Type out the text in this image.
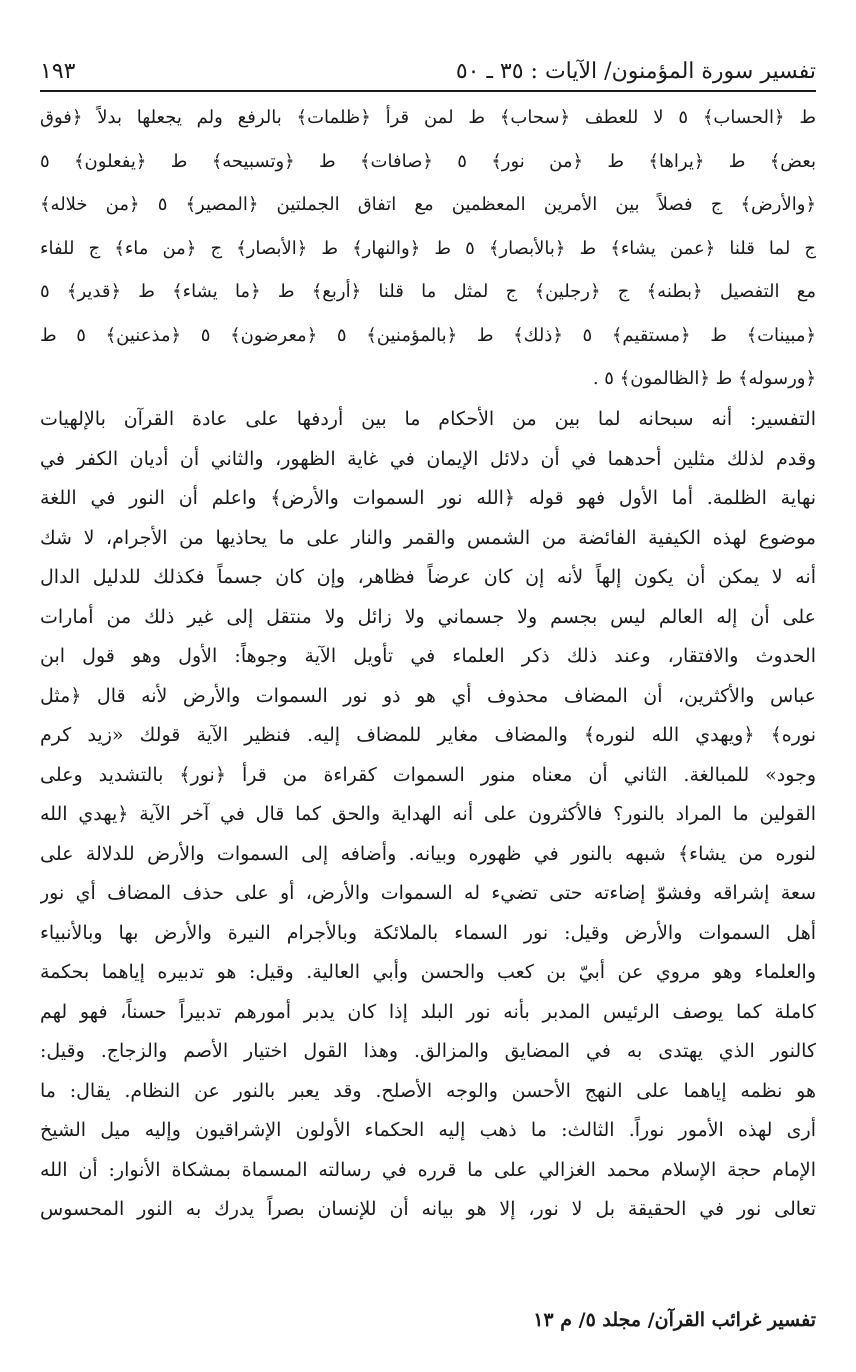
تفسير سورة المؤمنون/ الآيات : ٣٥ ـ ٥٠
١٩٣
ط ﴿الحساب﴾ ٥ لا للعطف ﴿سحاب﴾ ط لمن قرأ ﴿ظلمات﴾ بالرفع ولم يجعلها بدلاً ﴿فوق
بعض﴾ ط ﴿يراها﴾ ط ﴿من نور﴾ ٥ ﴿صافات﴾ ط ﴿وتسبيحه﴾ ط ﴿يفعلون﴾ ٥
﴿والأرض﴾ ج فصلاً بين الأمرين المعظمين مع اتفاق الجملتين ﴿المصير﴾ ٥ ﴿من خلاله﴾
ج لما قلنا ﴿عمن يشاء﴾ ط ﴿بالأبصار﴾ ٥ ط ﴿والنهار﴾ ط ﴿الأبصار﴾ ج ﴿من ماء﴾ ج للفاء
مع التفصيل ﴿بطنه﴾ ج ﴿رجلين﴾ ج لمثل ما قلنا ﴿أربع﴾ ط ﴿ما يشاء﴾ ط ﴿قدير﴾ ٥
﴿مبينات﴾ ط ﴿مستقيم﴾ ٥ ﴿ذلك﴾ ط ﴿بالمؤمنين﴾ ٥ ﴿معرضون﴾ ٥ ﴿مذعنين﴾ ٥ ط
﴿ورسوله﴾ ط ﴿الظالمون﴾ ٥ .
التفسير: أنه سبحانه لما بين من الأحكام ما بين أردفها على عادة القرآن بالإلهيات
وقدم لذلك مثلين أحدهما في أن دلائل الإيمان في غاية الظهور، والثاني أن أديان الكفر في
نهاية الظلمة. أما الأول فهو قوله ﴿الله نور السموات والأرض﴾ واعلم أن النور في اللغة
موضوع لهذه الكيفية الفائضة من الشمس والقمر والنار على ما يحاذيها من الأجرام، لا شك
أنه لا يمكن أن يكون إلهاً لأنه إن كان عرضاً فظاهر، وإن كان جسماً فكذلك للدليل الدال
على أن إله العالم ليس بجسم ولا جسماني ولا زائل ولا منتقل إلى غير ذلك من أمارات
الحدوث والافتقار، وعند ذلك ذكر العلماء في تأويل الآية وجوهاً: الأول وهو قول ابن
عباس والأكثرين، أن المضاف محذوف أي هو ذو نور السموات والأرض لأنه قال ﴿مثل
نوره﴾ ﴿ويهدي الله لنوره﴾ والمضاف مغاير للمضاف إليه. فنظير الآية قولك «زيد كرم
وجود» للمبالغة. الثاني أن معناه منور السموات كقراءة من قرأ ﴿نور﴾ بالتشديد وعلى
القولين ما المراد بالنور؟ فالأكثرون على أنه الهداية والحق كما قال في آخر الآية ﴿يهدي الله
لنوره من يشاء﴾ شبهه بالنور في ظهوره وبيانه. وأضافه إلى السموات والأرض للدلالة على
سعة إشراقه وفشوّ إضاءته حتى تضيء له السموات والأرض، أو على حذف المضاف أي نور
أهل السموات والأرض وقيل: نور السماء بالملائكة وبالأجرام النيرة والأرض بها وبالأنبياء
والعلماء وهو مروي عن أبيّ بن كعب والحسن وأبي العالية. وقيل: هو تدبيره إياهما بحكمة
كاملة كما يوصف الرئيس المدبر بأنه نور البلد إذا كان يدبر أمورهم تدبيراً حسناً، فهو لهم
كالنور الذي يهتدى به في المضايق والمزالق. وهذا القول اختيار الأصم والزجاج. وقيل:
هو نظمه إياهما على النهج الأحسن والوجه الأصلح. وقد يعبر بالنور عن النظام. يقال: ما
أرى لهذه الأمور نوراً. الثالث: ما ذهب إليه الحكماء الأولون الإشراقيون وإليه ميل الشيخ
الإمام حجة الإسلام محمد الغزالي على ما قرره في رسالته المسماة بمشكاة الأنوار: أن الله
تعالى نور في الحقيقة بل لا نور، إلا هو بيانه أن للإنسان بصراً يدرك به النور المحسوس
تفسير غرائب القرآن/ مجلد ٥/ م ١٣
